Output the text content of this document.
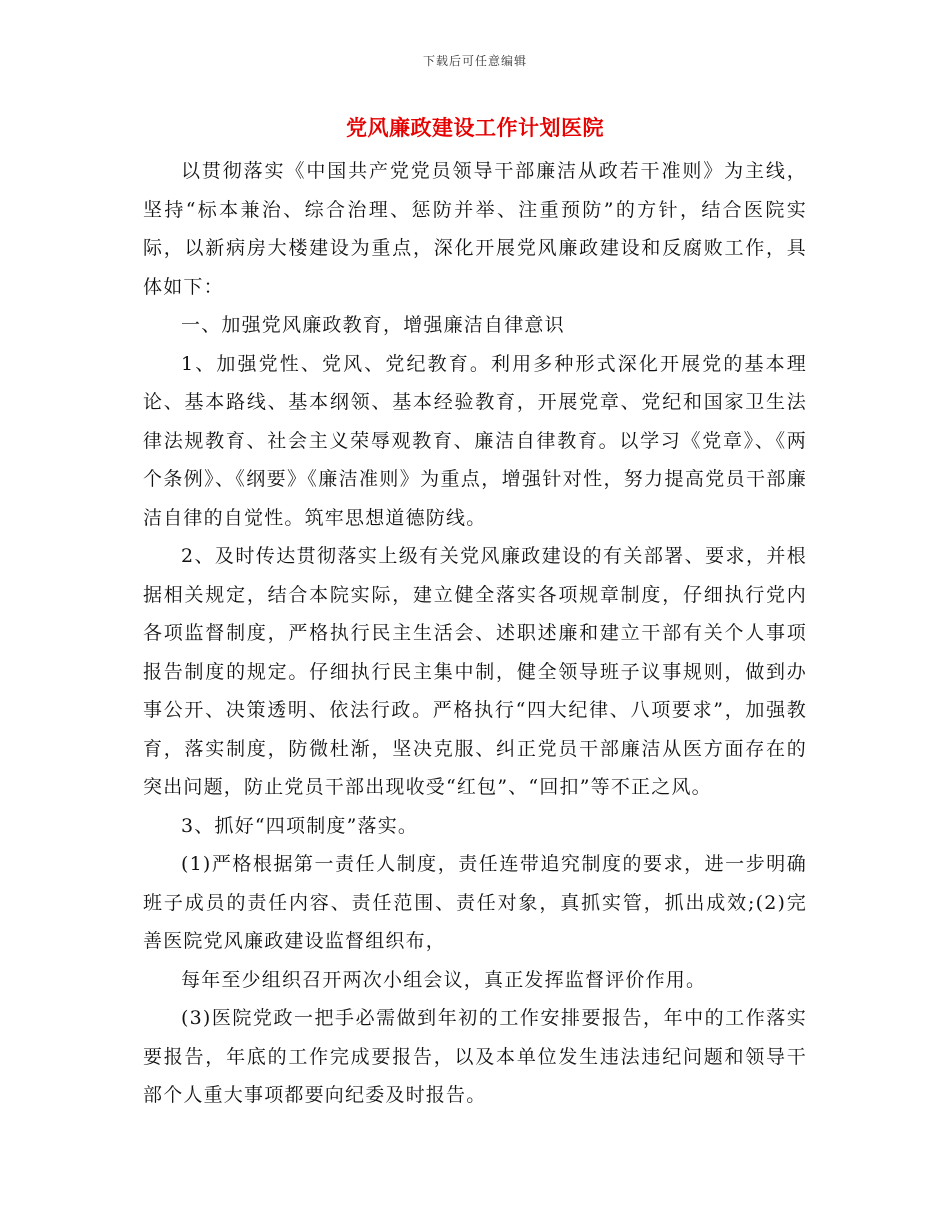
下载后可任意编辑
党风廉政建设工作计划医院

以贯彻落实《中国共产党党员领导干部廉洁从政若干准则》为主线，坚持“标本兼治、综合治理、惩防并举、注重预防”的方针，结合医院实际，以新病房大楼建设为重点，深化开展党风廉政建设和反腐败工作，具体如下：

一、加强党风廉政教育，增强廉洁自律意识

1、加强党性、党风、党纪教育。利用多种形式深化开展党的基本理论、基本路线、基本纲领、基本经验教育，开展党章、党纪和国家卫生法律法规教育、社会主义荣辱观教育、廉洁自律教育。以学习《党章》、《两个条例》、《纲要》《廉洁准则》为重点，增强针对性，努力提高党员干部廉洁自律的自觉性。筑牢思想道德防线。

2、及时传达贯彻落实上级有关党风廉政建设的有关部署、要求，并根据相关规定，结合本院实际，建立健全落实各项规章制度，仔细执行党内各项监督制度，严格执行民主生活会、述职述廉和建立干部有关个人事项报告制度的规定。仔细执行民主集中制，健全领导班子议事规则，做到办事公开、决策透明、依法行政。严格执行“四大纪律、八项要求”，加强教育，落实制度，防微杜渐，坚决克服、纠正党员干部廉洁从医方面存在的突出问题，防止党员干部出现收受“红包”、“回扣”等不正之风。

3、抓好“四项制度”落实。

(1)严格根据第一责任人制度，责任连带追究制度的要求，进一步明确班子成员的责任内容、责任范围、责任对象，真抓实管，抓出成效;(2)完善医院党风廉政建设监督组织布，

每年至少组织召开两次小组会议，真正发挥监督评价作用。

(3)医院党政一把手必需做到年初的工作安排要报告，年中的工作落实要报告，年底的工作完成要报告，以及本单位发生违法违纪问题和领导干部个人重大事项都要向纪委及时报告。
